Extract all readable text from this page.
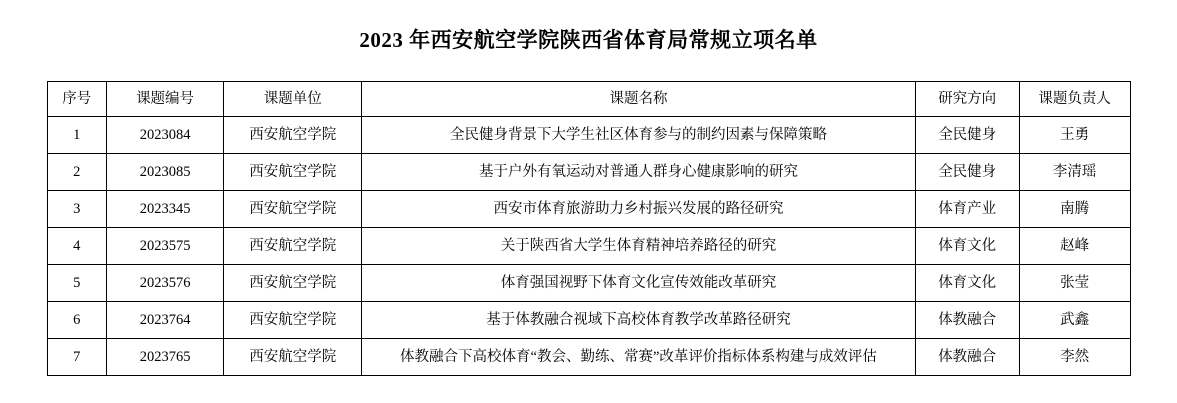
2023 年西安航空学院陕西省体育局常规立项名单
序号	课题编号	课题单位	课题名称	研究方向	课题负责人
1	2023084	西安航空学院	全民健身背景下大学生社区体育参与的制约因素与保障策略	全民健身	王勇
2	2023085	西安航空学院	基于户外有氧运动对普通人群身心健康影响的研究	全民健身	李清瑶
3	2023345	西安航空学院	西安市体育旅游助力乡村振兴发展的路径研究	体育产业	南腾
4	2023575	西安航空学院	关于陕西省大学生体育精神培养路径的研究	体育文化	赵峰
5	2023576	西安航空学院	体育强国视野下体育文化宣传效能改革研究	体育文化	张莹
6	2023764	西安航空学院	基于体教融合视域下高校体育教学改革路径研究	体教融合	武鑫
7	2023765	西安航空学院	体教融合下高校体育“教会、勤练、常赛”改革评价指标体系构建与成效评估	体教融合	李然
